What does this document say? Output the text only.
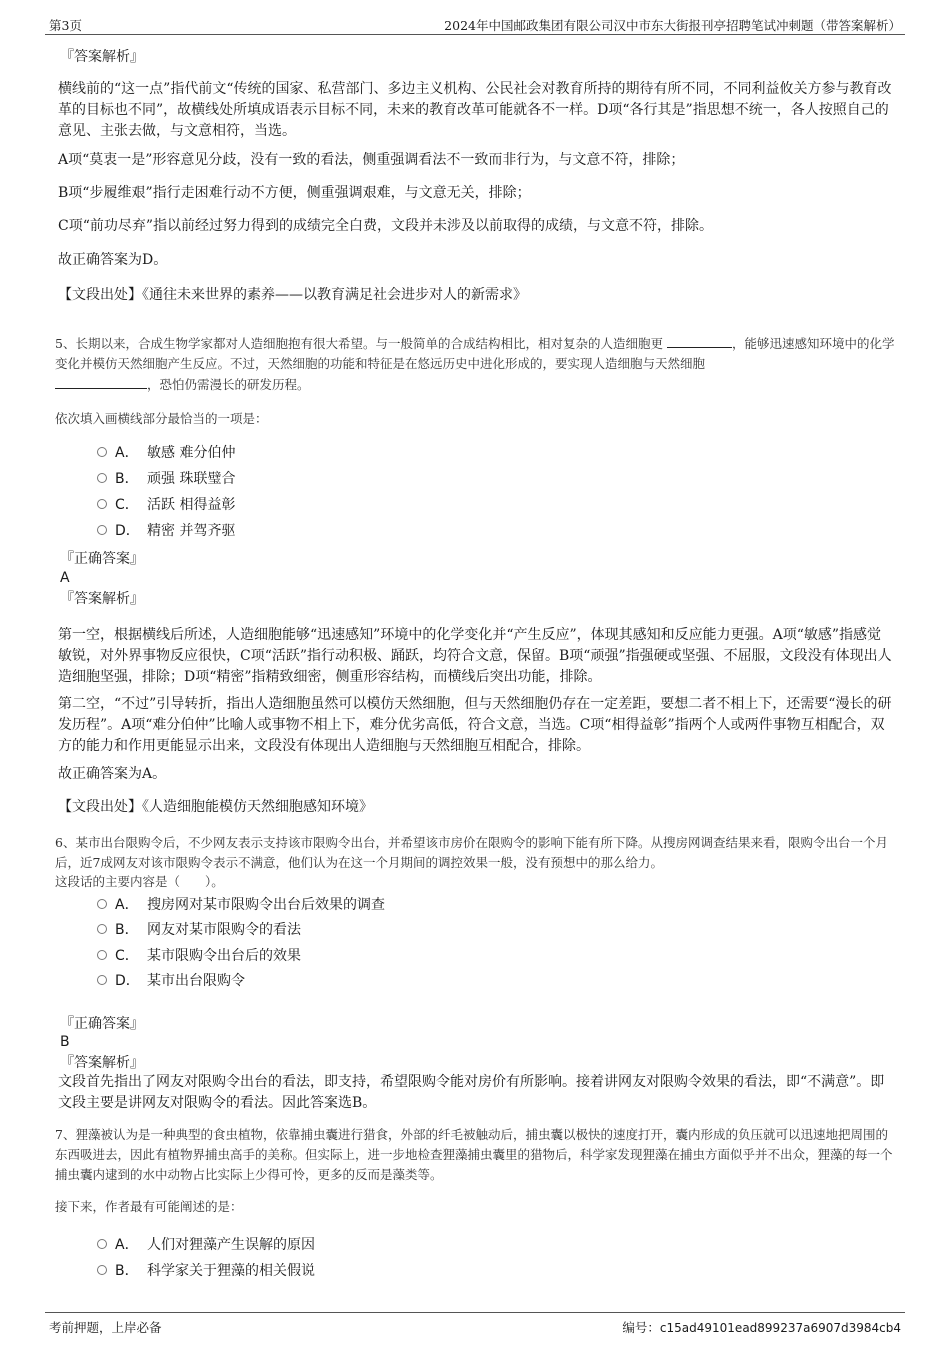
第3页	2024年中国邮政集团有限公司汉中市东大街报刊亭招聘笔试冲刺题（带答案解析）
『答案解析』

横线前的“这一点”指代前文“传统的国家、私营部门、多边主义机构、公民社会对教育所持的期待有所不同，不同利益攸关方参与教育改革的目标也不同”，故横线处所填成语表示目标不同，未来的教育改革可能就各不一样。D项“各行其是”指思想不统一，各人按照自己的意见、主张去做，与文意相符，当选。

A项“莫衷一是”形容意见分歧，没有一致的看法，侧重强调看法不一致而非行为，与文意不符，排除；

B项“步履维艰”指行走困难行动不方便，侧重强调艰难，与文意无关，排除；

C项“前功尽弃”指以前经过努力得到的成绩完全白费，文段并未涉及以前取得的成绩，与文意不符，排除。

故正确答案为D。

【文段出处】《通往未来世界的素养——以教育满足社会进步对人的新需求》

5、长期以来，合成生物学家都对人造细胞抱有很大希望。与一般简单的合成结构相比，相对复杂的人造细胞更	，能够迅速感知环境中的化学变化并模仿天然细胞产生反应。不过，天然细胞的功能和特征是在悠远历史中进化形成的，要实现人造细胞与天然细胞
，恐怕仍需漫长的研发历程。

依次填入画横线部分最恰当的一项是：

A． 敏感 难分伯仲
B． 顽强 珠联璧合
C． 活跃 相得益彰
D． 精密 并驾齐驱
『正确答案』
A
『答案解析』

第一空，根据横线后所述，人造细胞能够“迅速感知”环境中的化学变化并“产生反应”，体现其感知和反应能力更强。A项“敏感”指感觉敏锐，对外界事物反应很快，C项“活跃”指行动积极、踊跃，均符合文意，保留。B项“顽强”指强硬或坚强、不屈服，文段没有体现出人造细胞坚强，排除；D项“精密”指精致细密，侧重形容结构，而横线后突出功能，排除。

第二空，“不过”引导转折，指出人造细胞虽然可以模仿天然细胞，但与天然细胞仍存在一定差距，要想二者不相上下，还需要“漫长的研发历程”。A项“难分伯仲”比喻人或事物不相上下，难分优劣高低，符合文意，当选。C项“相得益彰”指两个人或两件事物互相配合，双方的能力和作用更能显示出来，文段没有体现出人造细胞与天然细胞互相配合，排除。

故正确答案为A。

【文段出处】《人造细胞能模仿天然细胞感知环境》

6、某市出台限购令后，不少网友表示支持该市限购令出台，并希望该市房价在限购令的影响下能有所下降。从搜房网调查结果来看，限购令出台一个月后，近7成网友对该市限购令表示不满意，他们认为在这一个月期间的调控效果一般，没有预想中的那么给力。

这段话的主要内容是（　　）。

A． 搜房网对某市限购令出台后效果的调查
B． 网友对某市限购令的看法
C． 某市限购令出台后的效果
D． 某市出台限购令
『正确答案』
B
『答案解析』

文段首先指出了网友对限购令出台的看法，即支持，希望限购令能对房价有所影响。接着讲网友对限购令效果的看法，即“不满意”。即文段主要是讲网友对限购令的看法。因此答案选B。

7、狸藻被认为是一种典型的食虫植物，依靠捕虫囊进行猎食，外部的纤毛被触动后，捕虫囊以极快的速度打开，囊内形成的负压就可以迅速地把周围的东西吸进去，因此有植物界捕虫高手的美称。但实际上，进一步地检查狸藻捕虫囊里的猎物后，科学家发现狸藻在捕虫方面似乎并不出众，狸藻的每一个捕虫囊内逮到的水中动物占比实际上少得可怜，更多的反而是藻类等。

接下来，作者最有可能阐述的是：

A． 人们对狸藻产生误解的原因
B． 科学家关于狸藻的相关假说
考前押题，上岸必备	编号：c15ad49101ead899237a6907d3984cb4
